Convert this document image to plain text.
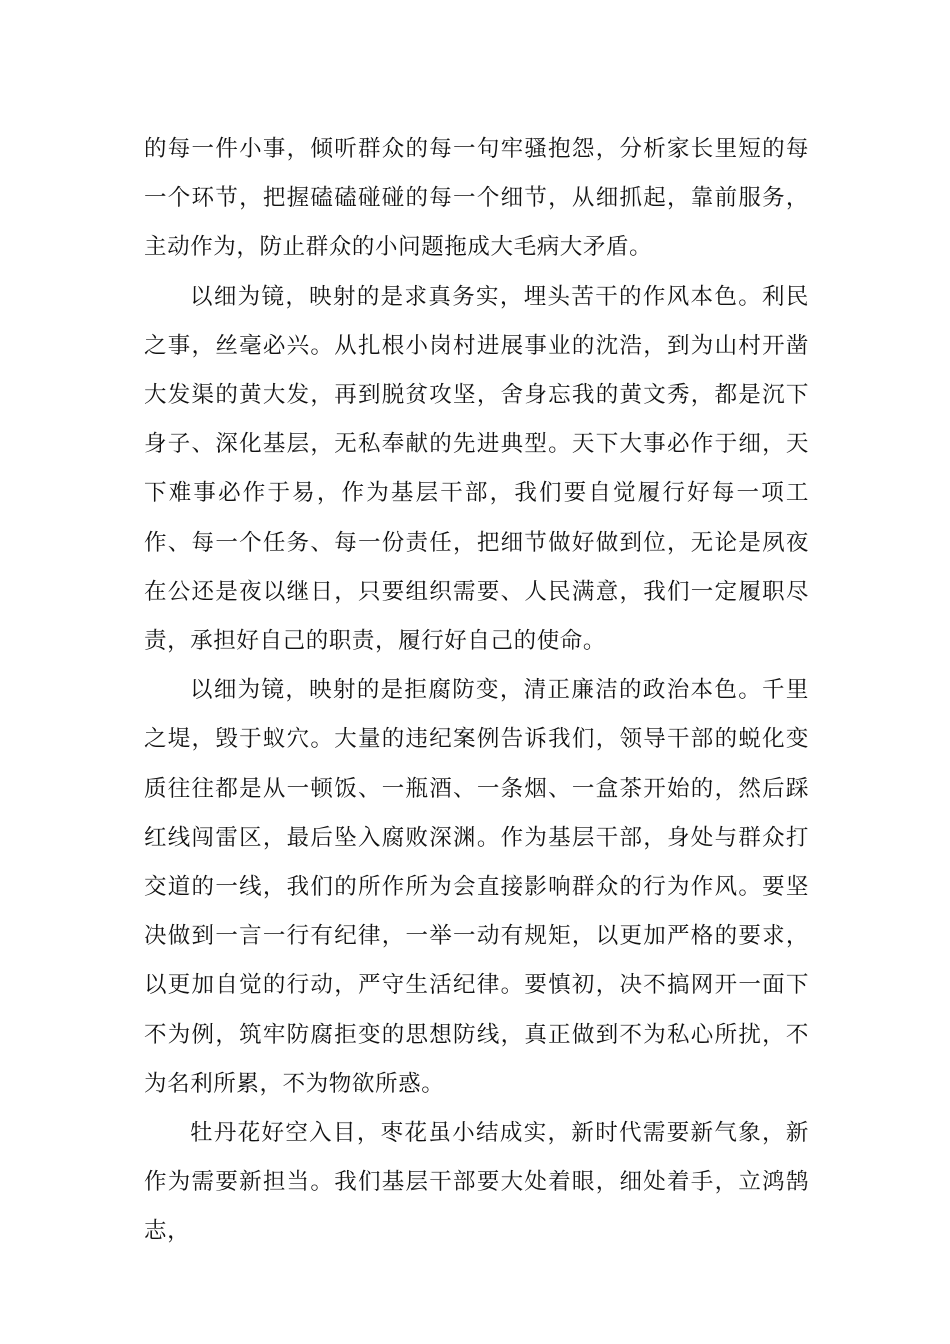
的每一件小事，倾听群众的每一句牢骚抱怨，分析家长里短的每一个环节，把握磕磕碰碰的每一个细节，从细抓起，靠前服务，主动作为，防止群众的小问题拖成大毛病大矛盾。

以细为镜，映射的是求真务实，埋头苦干的作风本色。利民之事，丝毫必兴。从扎根小岗村进展事业的沈浩，到为山村开凿大发渠的黄大发，再到脱贫攻坚，舍身忘我的黄文秀，都是沉下身子、深化基层，无私奉献的先进典型。天下大事必作于细，天下难事必作于易，作为基层干部，我们要自觉履行好每一项工作、每一个任务、每一份责任，把细节做好做到位，无论是夙夜在公还是夜以继日，只要组织需要、人民满意，我们一定履职尽责，承担好自己的职责，履行好自己的使命。

以细为镜，映射的是拒腐防变，清正廉洁的政治本色。千里之堤，毁于蚁穴。大量的违纪案例告诉我们，领导干部的蜕化变质往往都是从一顿饭、一瓶酒、一条烟、一盒茶开始的，然后踩红线闯雷区，最后坠入腐败深渊。作为基层干部，身处与群众打交道的一线，我们的所作所为会直接影响群众的行为作风。要坚决做到一言一行有纪律，一举一动有规矩，以更加严格的要求，以更加自觉的行动，严守生活纪律。要慎初，决不搞网开一面下不为例，筑牢防腐拒变的思想防线，真正做到不为私心所扰，不为名利所累，不为物欲所惑。

牡丹花好空入目，枣花虽小结成实，新时代需要新气象，新作为需要新担当。我们基层干部要大处着眼，细处着手，立鸿鹄志，
